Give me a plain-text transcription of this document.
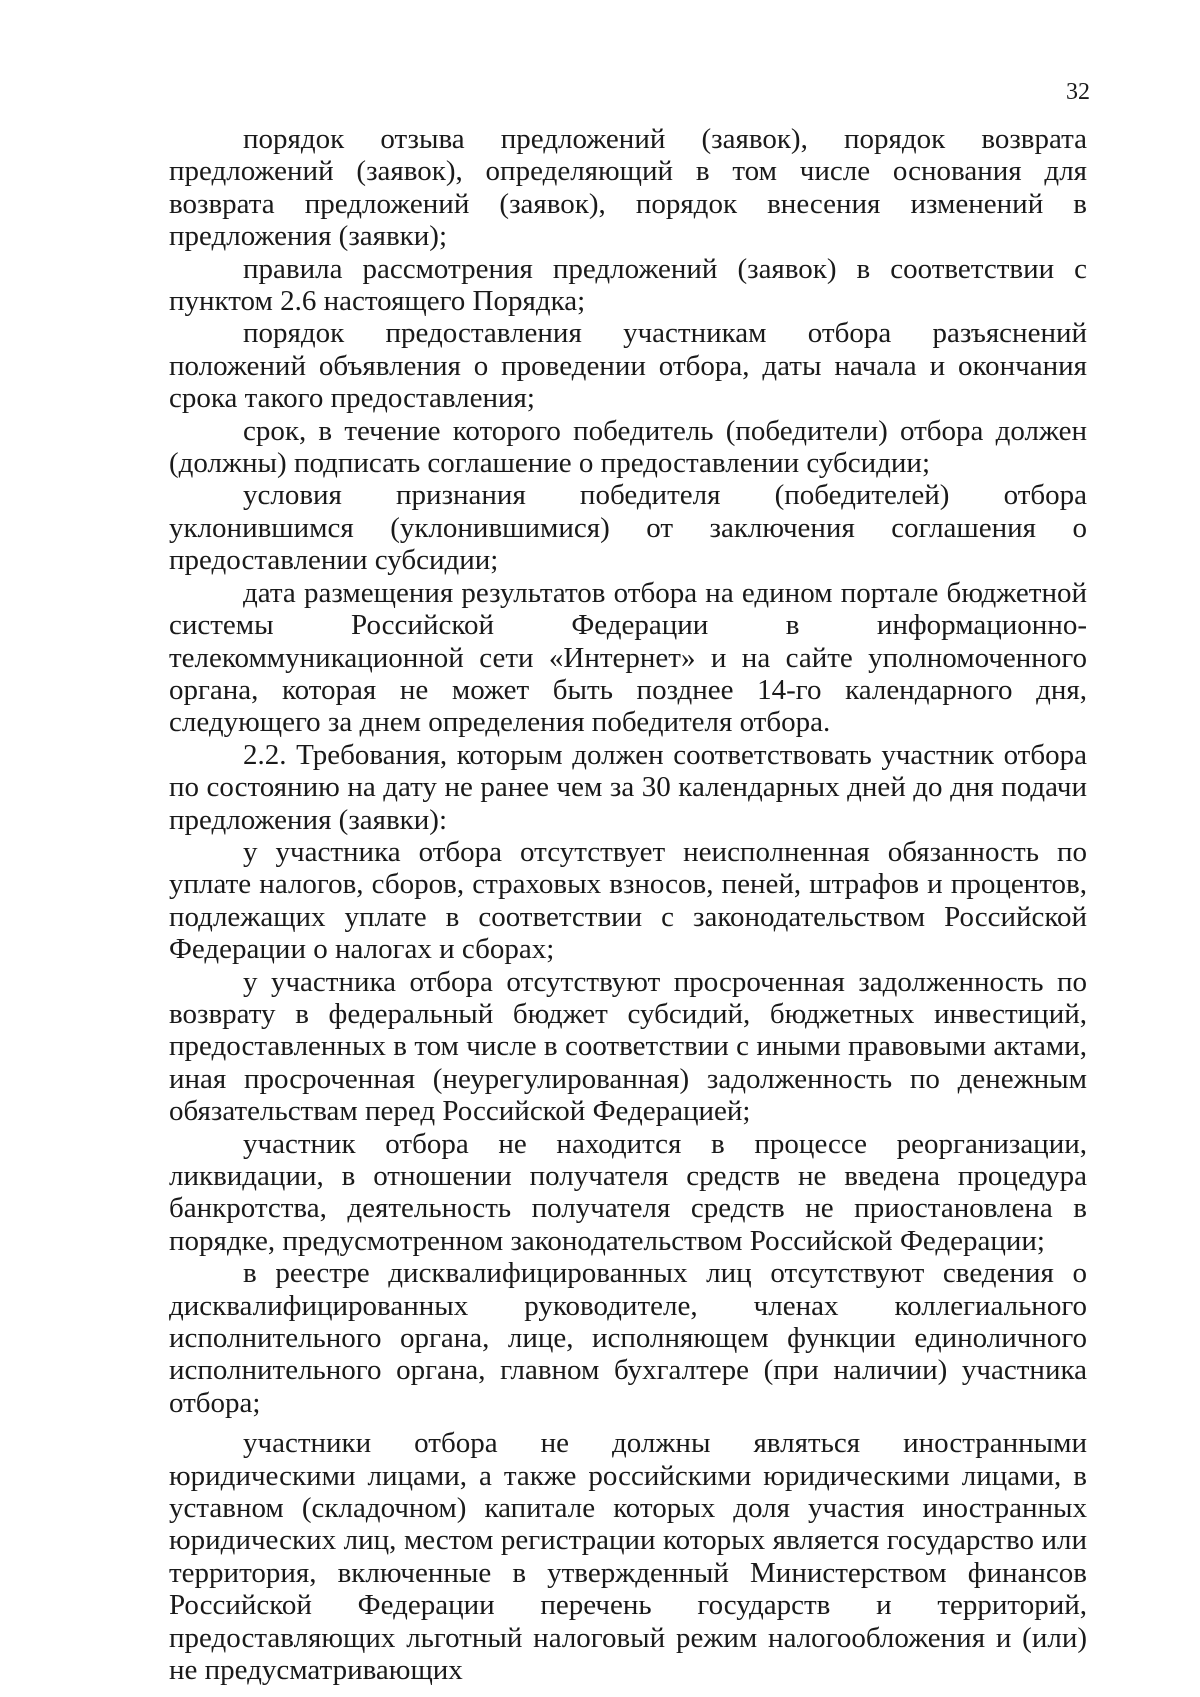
32

порядок отзыва предложений (заявок), порядок возврата предложений (заявок), определяющий в том числе основания для возврата предложений (заявок), порядок внесения изменений в предложения (заявки);

правила рассмотрения предложений (заявок) в соответствии с пунктом 2.6 настоящего Порядка;

порядок предоставления участникам отбора разъяснений положений объявления о проведении отбора, даты начала и окончания срока такого предоставления;

срок, в течение которого победитель (победители) отбора должен (должны) подписать соглашение о предоставлении субсидии;

условия признания победителя (победителей) отбора уклонившимся (уклонившимися) от заключения соглашения о предоставлении субсидии;

дата размещения результатов отбора на едином портале бюджетной системы Российской Федерации в информационно-телекоммуникационной сети «Интернет» и на сайте уполномоченного органа, которая не может быть позднее 14-го календарного дня, следующего за днем определения победителя отбора.

2.2. Требования, которым должен соответствовать участник отбора по состоянию на дату не ранее чем за 30 календарных дней до дня подачи предложения (заявки):

у участника отбора отсутствует неисполненная обязанность по уплате налогов, сборов, страховых взносов, пеней, штрафов и процентов, подлежащих уплате в соответствии с законодательством Российской Федерации о налогах и сборах;

у участника отбора отсутствуют просроченная задолженность по возврату в федеральный бюджет субсидий, бюджетных инвестиций, предоставленных в том числе в соответствии с иными правовыми актами, иная просроченная (неурегулированная) задолженность по денежным обязательствам перед Российской Федерацией;

участник отбора не находится в процессе реорганизации, ликвидации, в отношении получателя средств не введена процедура банкротства, деятельность получателя средств не приостановлена в порядке, предусмотренном законодательством Российской Федерации;

в реестре дисквалифицированных лиц отсутствуют сведения о дисквалифицированных руководителе, членах коллегиального исполнительного органа, лице, исполняющем функции единоличного исполнительного органа, главном бухгалтере (при наличии) участника отбора;

участники отбора не должны являться иностранными юридическими лицами, а также российскими юридическими лицами, в уставном (складочном) капитале которых доля участия иностранных юридических лиц, местом регистрации которых является государство или территория, включенные в утвержденный Министерством финансов Российской Федерации перечень государств и территорий, предоставляющих льготный налоговый режим налогообложения и (или) не предусматривающих
